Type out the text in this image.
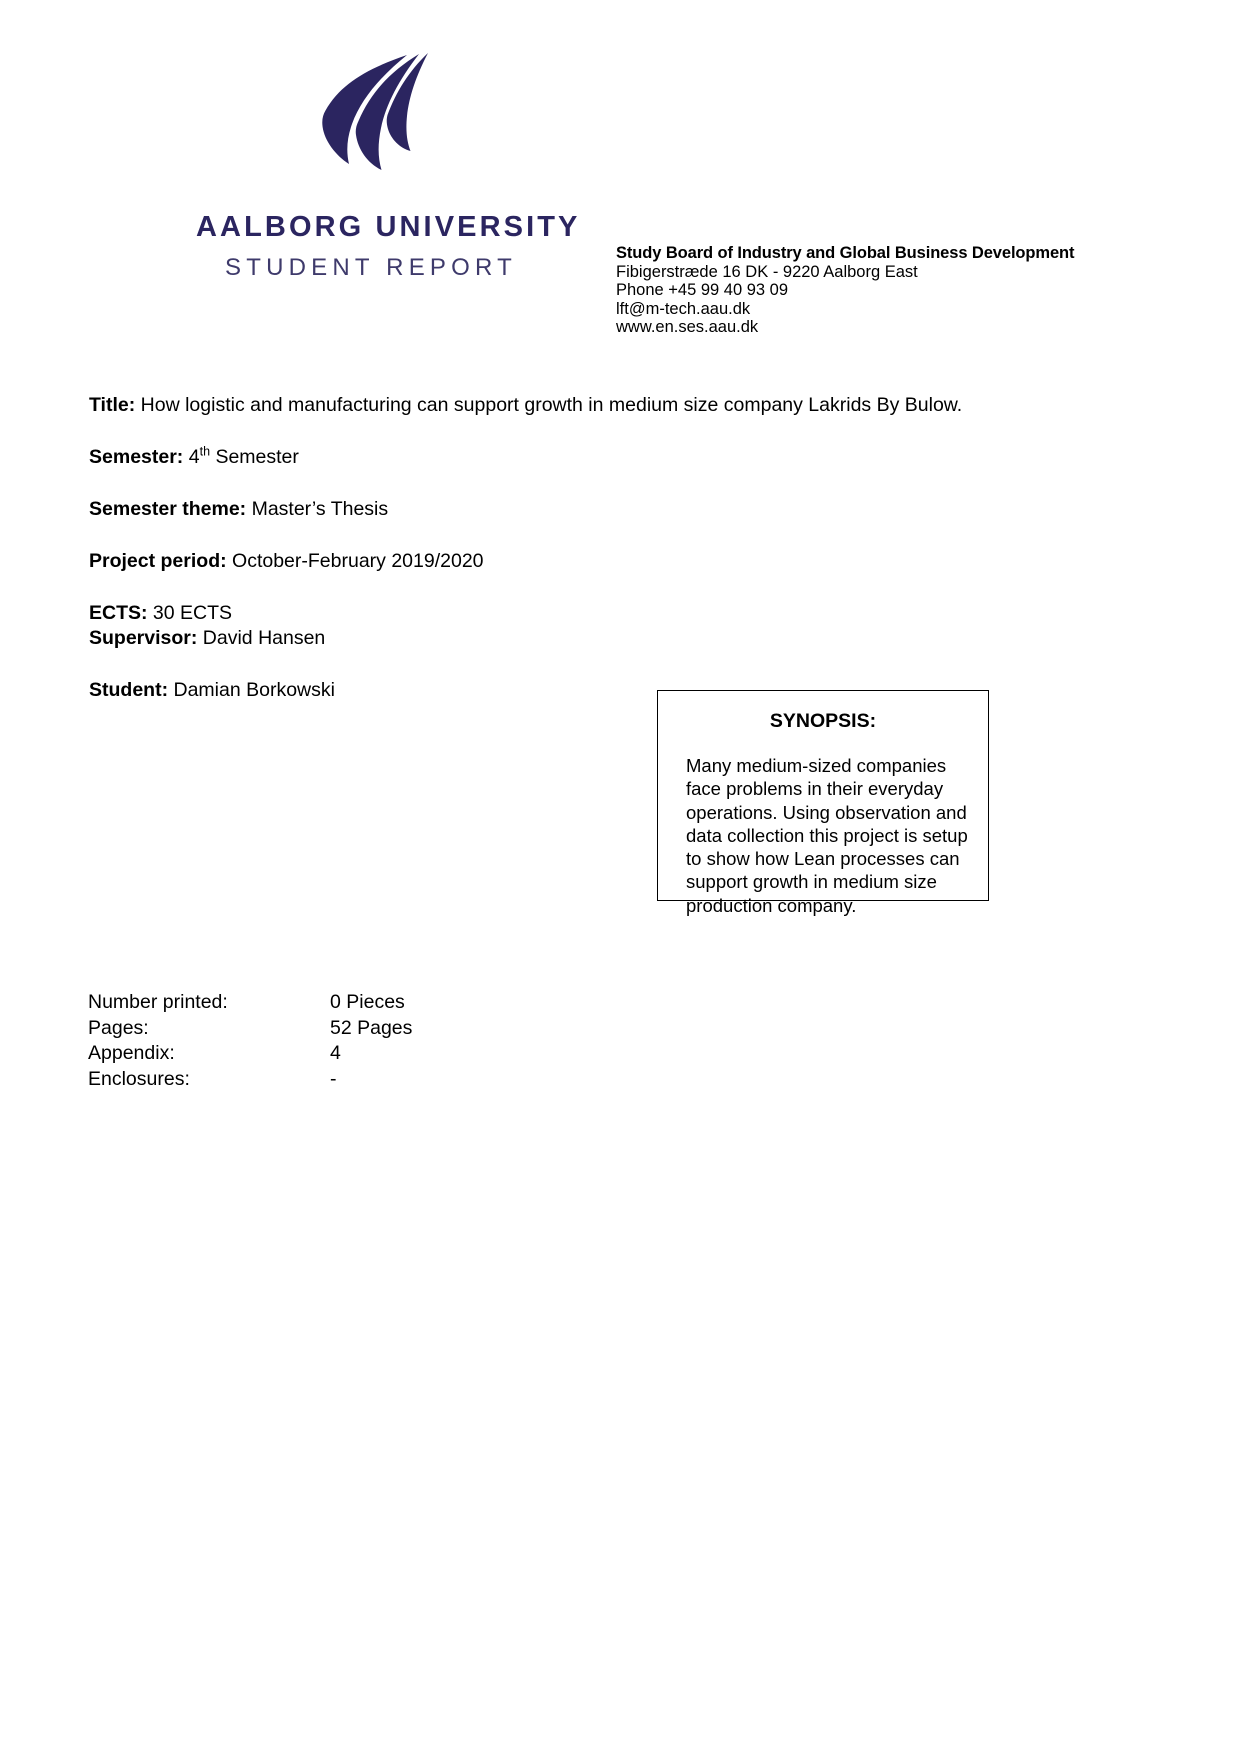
AALBORG UNIVERSITY
STUDENT REPORT
Study Board of Industry and Global Business Development
Fibigerstræde 16 DK - 9220 Aalborg East
Phone +45 99 40 93 09
lft@m-tech.aau.dk
www.en.ses.aau.dk
Title: How logistic and manufacturing can support growth in medium size company Lakrids By Bulow.
Semester: 4th Semester
Semester theme: Master’s Thesis
Project period: October-February 2019/2020
ECTS: 30 ECTS
Supervisor: David Hansen
Student: Damian Borkowski
SYNOPSIS:
Many medium-sized companies face problems in their everyday operations. Using observation and data collection this project is setup to show how Lean processes can support growth in medium size production company.
Number printed:	0 Pieces
Pages:	52 Pages
Appendix:	4
Enclosures:	-
